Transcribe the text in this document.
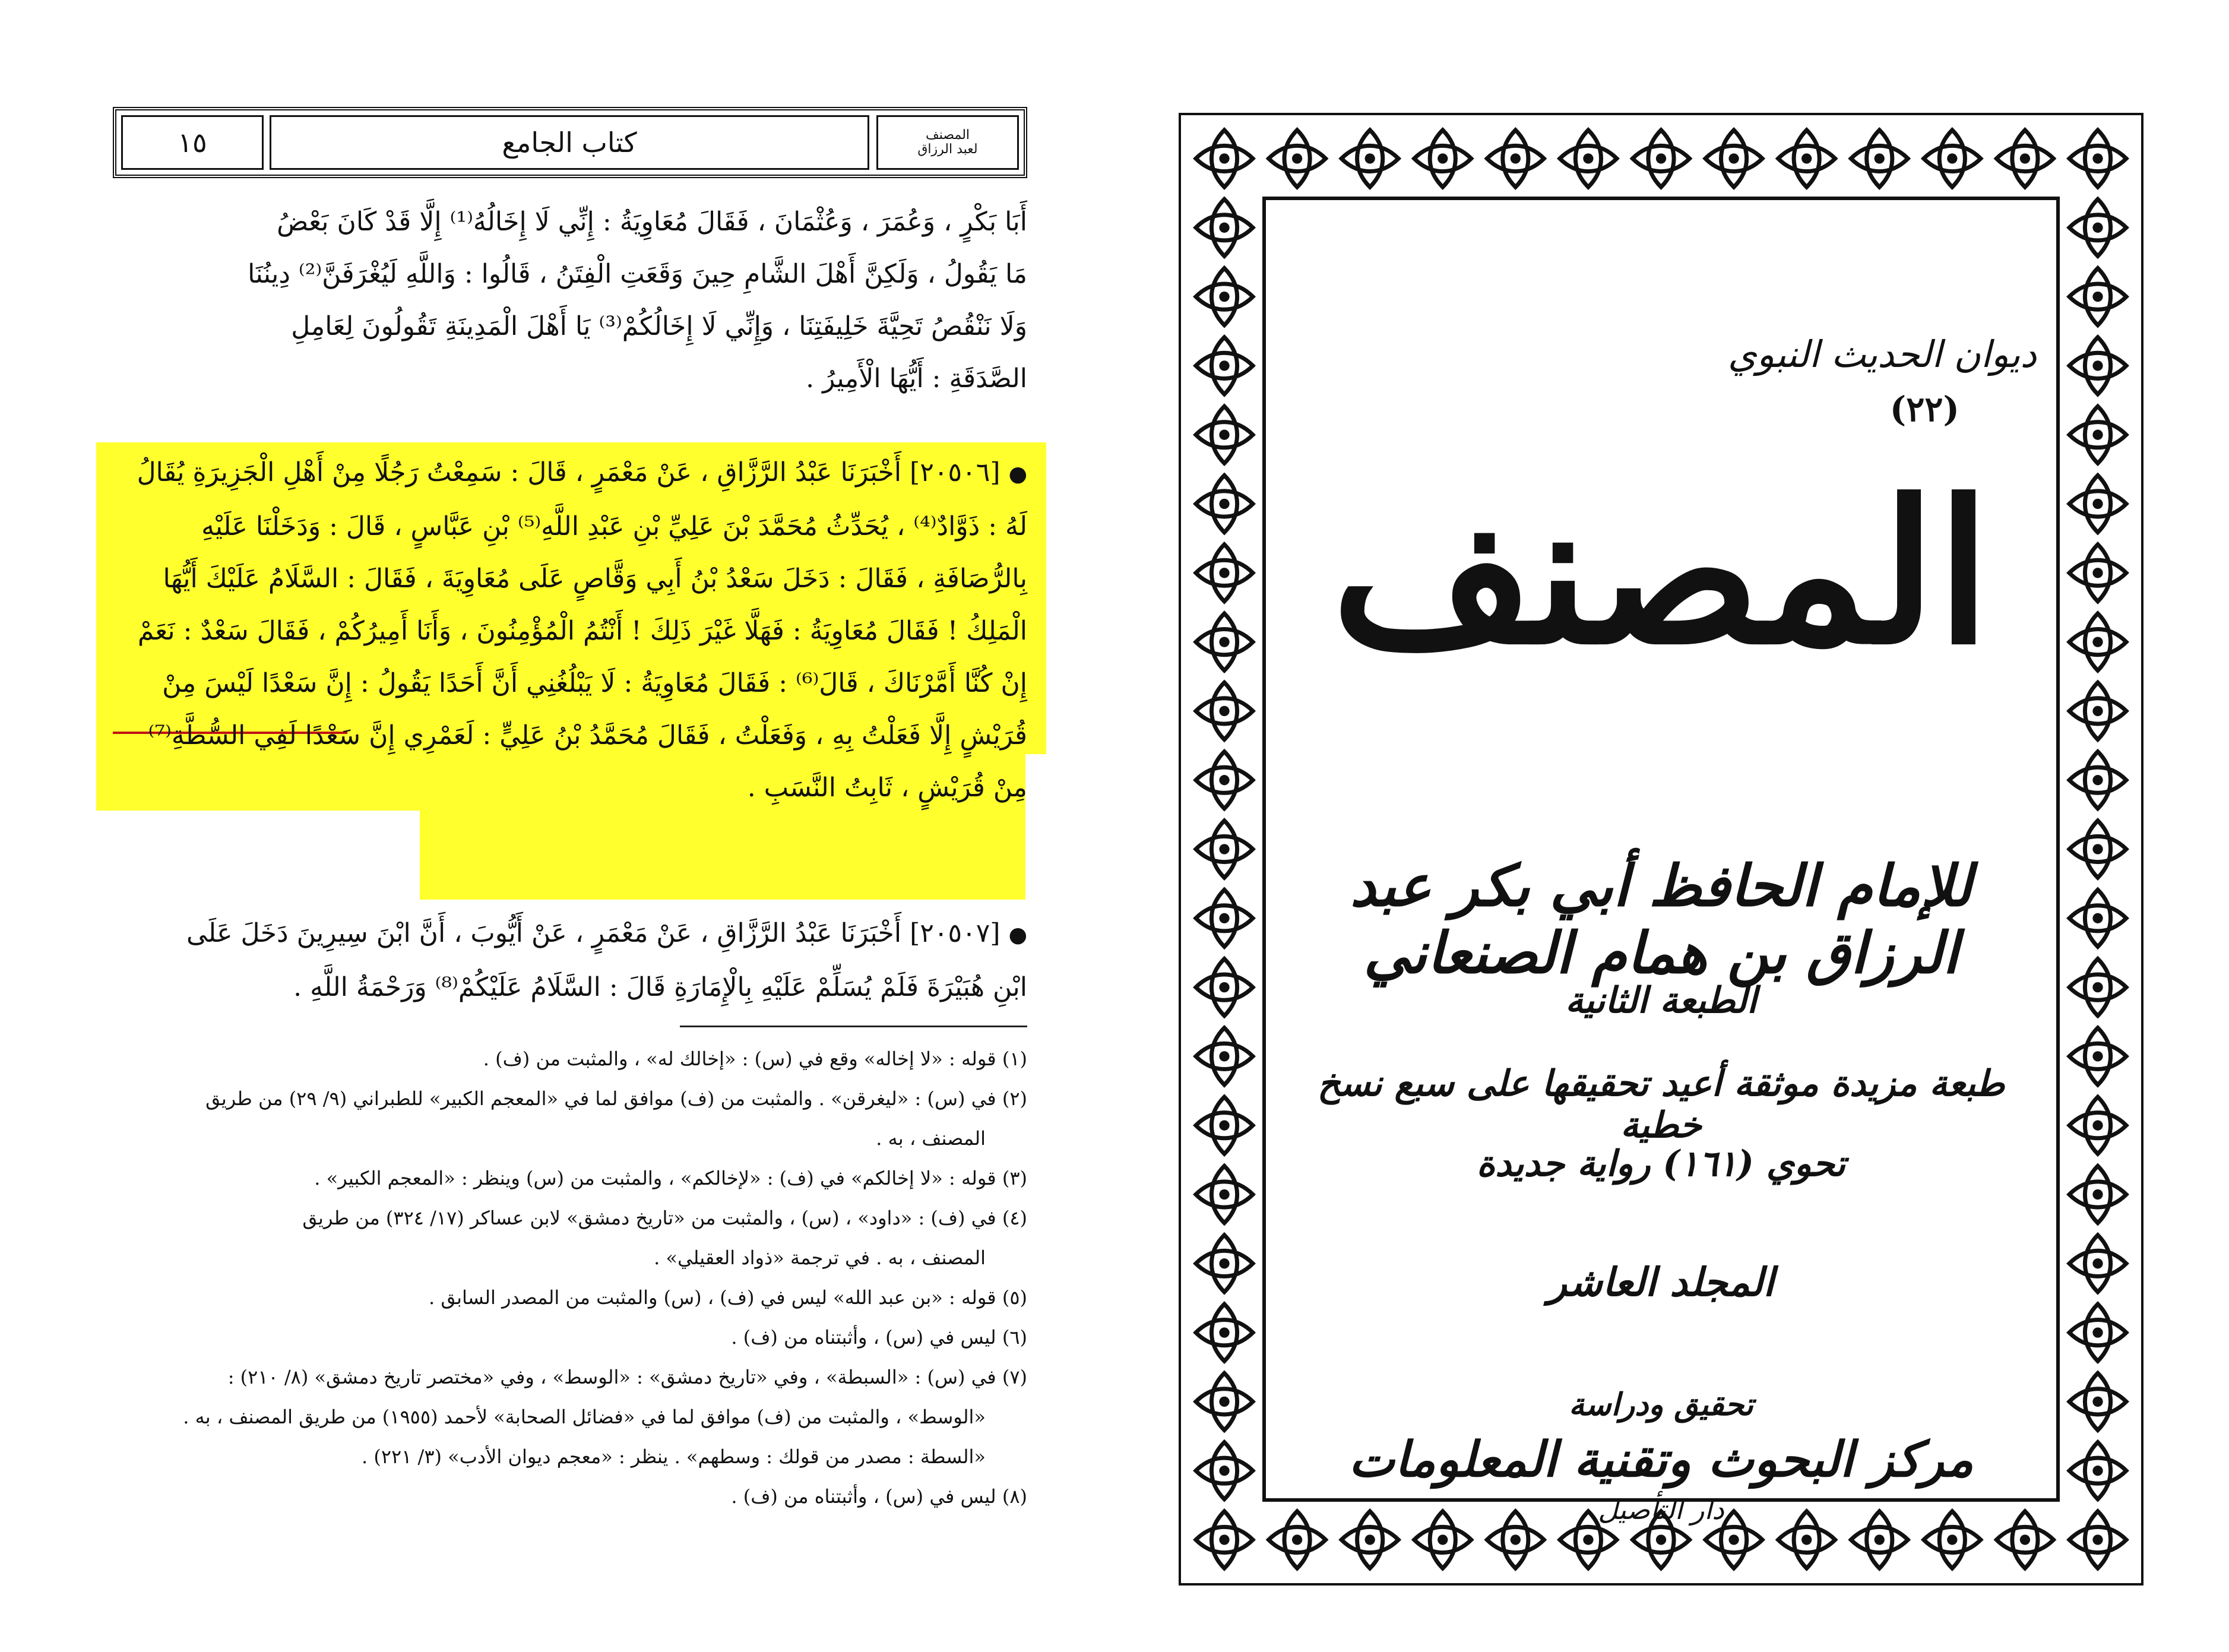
١٥	كتاب الجامع	المصنف
لعبد الرزاق
أَبَا بَكْرٍ ، وَعُمَرَ ، وَعُثْمَانَ ، فَقَالَ مُعَاوِيَةُ : إِنِّي لَا إِخَالُهُ⁽¹⁾ إِلَّا قَدْ كَانَ بَعْضُ
مَا يَقُولُ ، وَلَكِنَّ أَهْلَ الشَّامِ حِينَ وَقَعَتِ الْفِتَنُ ، قَالُوا : وَاللَّهِ لَيُغْرَفَنَّ⁽²⁾ دِينُنَا
وَلَا نَنْقُصُ تَحِيَّةَ خَلِيفَتِنَا ، وَإِنِّي لَا إِخَالُكُمْ⁽³⁾ يَا أَهْلَ الْمَدِينَةِ تَقُولُونَ لِعَامِلِ
الصَّدَقَةِ : أَيُّهَا الْأَمِيرُ .
● [٢٠٥٠٦] أَخْبَرَنَا عَبْدُ الرَّزَّاقِ ، عَنْ مَعْمَرٍ ، قَالَ : سَمِعْتُ رَجُلًا مِنْ أَهْلِ الْجَزِيرَةِ يُقَالُ
لَهُ : ذَوَّادٌ⁽⁴⁾ ، يُحَدِّثُ مُحَمَّدَ بْنَ عَلِيِّ بْنِ عَبْدِ اللَّهِ⁽⁵⁾ بْنِ عَبَّاسٍ ، قَالَ : وَدَخَلْنَا عَلَيْهِ
بِالرُّصَافَةِ ، فَقَالَ : دَخَلَ سَعْدُ بْنُ أَبِي وَقَّاصٍ عَلَى مُعَاوِيَةَ ، فَقَالَ : السَّلَامُ عَلَيْكَ أَيُّهَا
الْمَلِكُ ! فَقَالَ مُعَاوِيَةُ : فَهَلَّا غَيْرَ ذَلِكَ ! أَنْتُمُ الْمُؤْمِنُونَ ، وَأَنَا أَمِيرُكُمْ ، فَقَالَ سَعْدٌ : نَعَمْ
إِنْ كُنَّا أَمَّرْنَاكَ ، قَالَ⁽⁶⁾ : فَقَالَ مُعَاوِيَةُ : لَا يَبْلُغُنِي أَنَّ أَحَدًا يَقُولُ : إِنَّ سَعْدًا لَيْسَ مِنْ
قُرَيْشٍ إِلَّا فَعَلْتُ بِهِ ، وَفَعَلْتُ ، فَقَالَ مُحَمَّدُ بْنُ عَلِيٍّ : لَعَمْرِي إِنَّ سَعْدًا لَفِي السُّطَّةِ⁽⁷⁾
مِنْ قُرَيْشٍ ، ثَابِتُ النَّسَبِ .
● [٢٠٥٠٧] أَخْبَرَنَا عَبْدُ الرَّزَّاقِ ، عَنْ مَعْمَرٍ ، عَنْ أَيُّوبَ ، أَنَّ ابْنَ سِيرِينَ دَخَلَ عَلَى
ابْنِ هُبَيْرَةَ فَلَمْ يُسَلِّمْ عَلَيْهِ بِالْإِمَارَةِ قَالَ : السَّلَامُ عَلَيْكُمْ⁽⁸⁾ وَرَحْمَةُ اللَّهِ .
(١) قوله : «لا إخاله» وقع في (س) : «إخالك له» ، والمثبت من (ف) .
(٢) في (س) : «ليغرقن» . والمثبت من (ف) موافق لما في «المعجم الكبير» للطبراني (٩/ ٢٩) من طريق
المصنف ، به .
(٣) قوله : «لا إخالكم» في (ف) : «لإخالكم» ، والمثبت من (س) وينظر : «المعجم الكبير» .
(٤) في (ف) : «داود» ، (س) ، والمثبت من «تاريخ دمشق» لابن عساكر (١٧/ ٣٢٤) من طريق
المصنف ، به . في ترجمة «ذواد العقيلي» .
(٥) قوله : «بن عبد الله» ليس في (ف) ، (س) والمثبت من المصدر السابق .
(٦) ليس في (س) ، وأثبتناه من (ف) .
(٧) في (س) : «السبطة» ، وفي «تاريخ دمشق» : «الوسط» ، وفي «مختصر تاريخ دمشق» (٨/ ٢١٠) :
«الوسط» ، والمثبت من (ف) موافق لما في «فضائل الصحابة» لأحمد (١٩٥٥) من طريق المصنف ، به .
«السطة : مصدر من قولك : وسطهم» . ينظر : «معجم ديوان الأدب» (٣/ ٢٢١) .
(٨) ليس في (س) ، وأثبتناه من (ف) .
ديوان الحديث النبوي
(٢٢)
المصنف
للإمام الحافظ أبي بكر عبد الرزاق بن همام الصنعاني
الطبعة الثانية
طبعة مزيدة موثقة أعيد تحقيقها على سبع نسخ خطية
تحوي (١٦١) رواية جديدة
المجلد العاشر
تحقيق ودراسة
مركز البحوث وتقنية المعلومات
دار التأصيل
